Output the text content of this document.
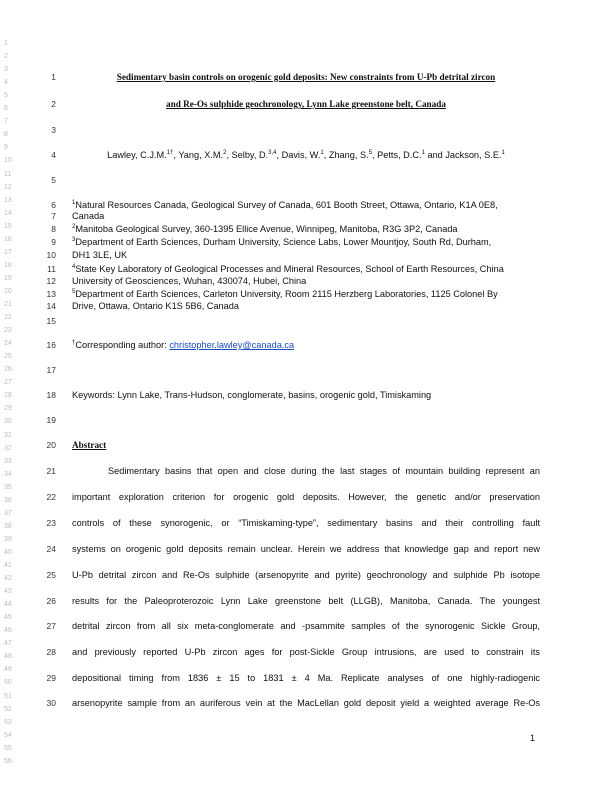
1
2
3
4
5
6
7
8
9
10
11
12
13
14
15
16
17
18
19
20
21
22
23
24
25
26
27
28
29
30
31
32
33
34
35
36
37
38
39
40
41
42
43
44
45
46
47
48
49
50
51
52
53
54
55
56
1	Sedimentary basin controls on orogenic gold deposits: New constraints from U-Pb detrital zircon
2	and Re-Os sulphide geochronology, Lynn Lake greenstone belt, Canada
3
4	Lawley, C.J.M.$^{1\dagger}$, Yang, X.M.$^2$, Selby, D.$^{3,4}$, Davis, W.$^1$, Zhang, S.$^5$, Petts, D.C.$^1$ and Jackson, S.E.$^1$
5
6
7
8
9
10
11
12
13
14
$^1$Natural Resources Canada, Geological Survey of Canada, 601 Booth Street, Ottawa, Ontario, K1A 0E8,
Canada
$^2$Manitoba Geological Survey, 360-1395 Ellice Avenue, Winnipeg, Manitoba, R3G 3P2, Canada
$^3$Department of Earth Sciences, Durham University, Science Labs, Lower Mountjoy, South Rd, Durham,
DH1 3LE, UK
$^4$State Key Laboratory of Geological Processes and Mineral Resources, School of Earth Resources, China
University of Geosciences, Wuhan, 430074, Hubei, China
$^5$Department of Earth Sciences, Carleton University, Room 2115 Herzberg Laboratories, 1125 Colonel By
Drive, Ottawa, Ontario K1S 5B6, Canada
15
16	†Corresponding author: christopher.lawley@canada.ca
17
18 Keywords: Lynn Lake, Trans-Hudson, conglomerate, basins, orogenic gold, Timiskaming
19
20 Abstract
21
22
23
24
25
26
27
28
29
30
Sedimentary basins that open and close during the last stages of mountain building represent an
important exploration criterion for orogenic gold deposits. However, the genetic and/or preservation
controls of these synorogenic, or “Timiskaming-type”, sedimentary basins and their controlling fault
systems on orogenic gold deposits remain unclear. Herein we address that knowledge gap and report new
U-Pb detrital zircon and Re-Os sulphide (arsenopyrite and pyrite) geochronology and sulphide Pb isotope
results for the Paleoproterozoic Lynn Lake greenstone belt (LLGB), Manitoba, Canada. The youngest
detrital zircon from all six meta-conglomerate and -psammite samples of the synorogenic Sickle Group,
and previously reported U-Pb zircon ages for post-Sickle Group intrusions, are used to constrain its
depositional timing from 1836 ± 15 to 1831 ± 4 Ma. Replicate analyses of one highly-radiogenic
arsenopyrite sample from an auriferous vein at the MacLellan gold deposit yield a weighted average Re-Os
1
